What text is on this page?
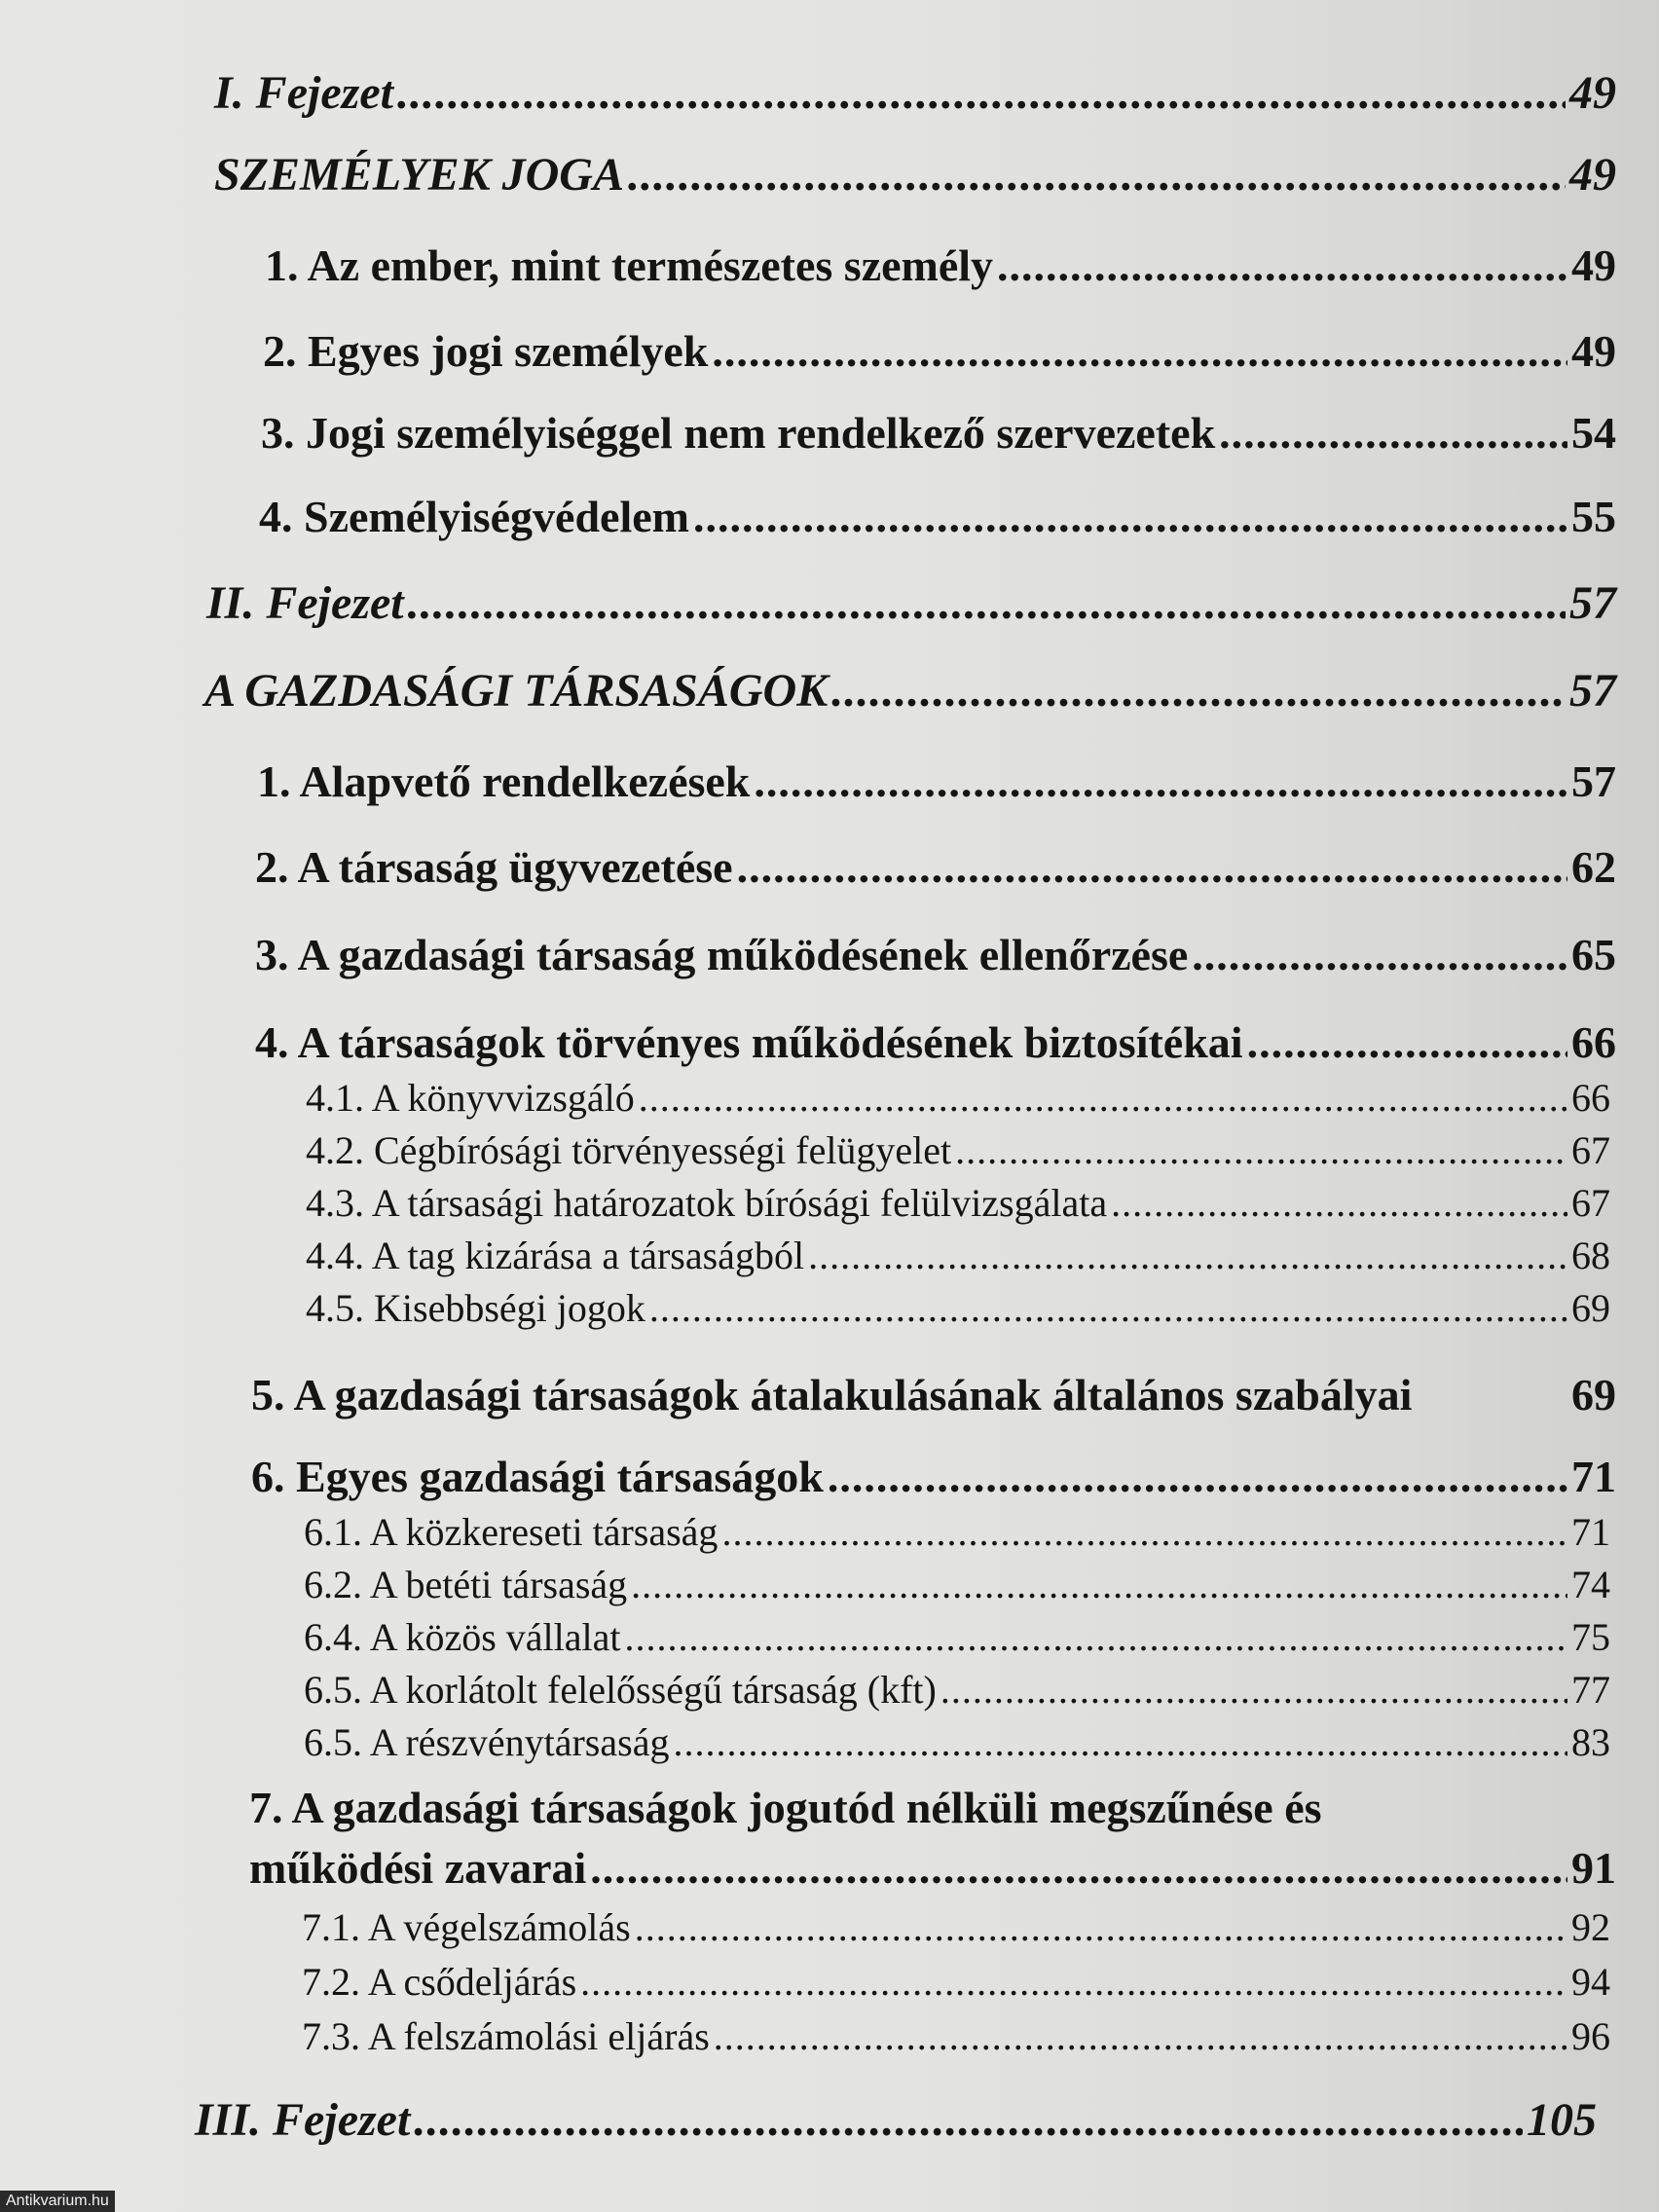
I. Fejezet .....	49
SZEMÉLYEK JOGA .....	49
1. Az ember, mint természetes személy .....	49
2. Egyes jogi személyek .....	49
3. Jogi személyiséggel nem rendelkező szervezetek .....	54
4. Személyiségvédelem .....	55
II. Fejezet .....	57
A GAZDASÁGI TÁRSASÁGOK .....	57
1. Alapvető rendelkezések .....	57
2. A társaság ügyvezetése .....	62
3. A gazdasági társaság működésének ellenőrzése .....	65
4. A társaságok törvényes működésének biztosítékai .....	66
4.1. A könyvvizsgáló .....	66
4.2. Cégbírósági törvényességi felügyelet .....	67
4.3. A társasági határozatok bírósági felülvizsgálata .....	67
4.4. A tag kizárása a társaságból .....	68
4.5. Kisebbségi jogok .....	69
5. A gazdasági társaságok átalakulásának általános szabályai	69
6. Egyes gazdasági társaságok .....	71
6.1. A közkereseti társaság .....	71
6.2. A betéti társaság .....	74
6.4. A közös vállalat .....	75
6.5. A korlátolt felelősségű társaság (kft) .....	77
6.5. A részvénytársaság .....	83
7. A gazdasági társaságok jogutód nélküli megszűnése és
működési zavarai .....	91
7.1. A végelszámolás .....	92
7.2. A csődeljárás .....	94
7.3. A felszámolási eljárás .....	96
III. Fejezet .....	105
Antikvarium.hu
